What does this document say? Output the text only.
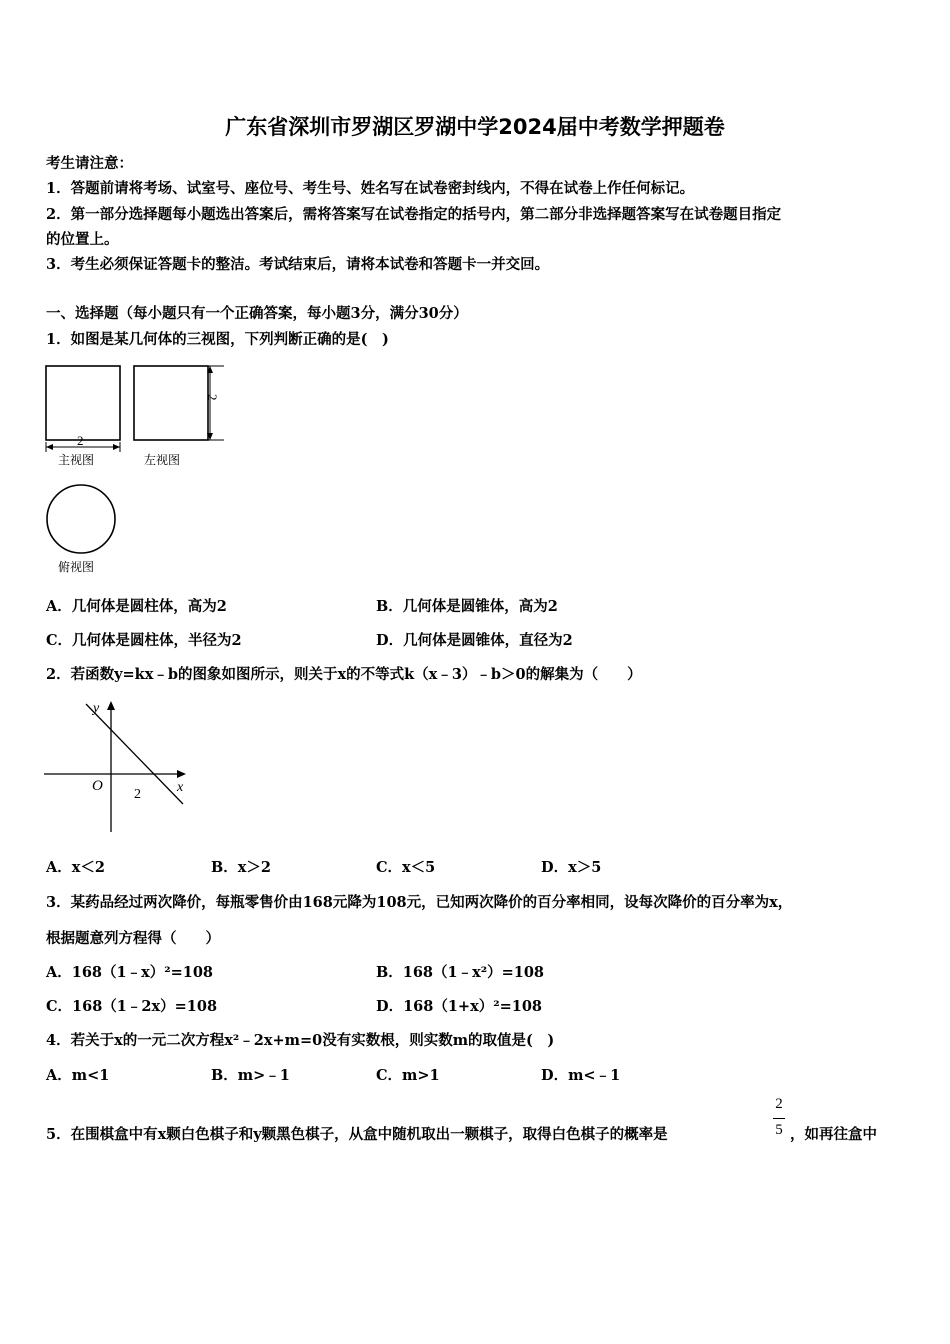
广东省深圳市罗湖区罗湖中学2024届中考数学押题卷
考生请注意：
1．答题前请将考场、试室号、座位号、考生号、姓名写在试卷密封线内，不得在试卷上作任何标记。
2．第一部分选择题每小题选出答案后，需将答案写在试卷指定的括号内，第二部分非选择题答案写在试卷题目指定
的位置上。
3．考生必须保证答题卡的整洁。考试结束后，请将本试卷和答题卡一并交回。
一、选择题（每小题只有一个正确答案，每小题3分，满分30分）
1．如图是某几何体的三视图，下列判断正确的是(　)
2
主视图
2
左视图
俯视图
A．几何体是圆柱体，高为2	B．几何体是圆锥体，高为2
C．几何体是圆柱体，半径为2	D．几何体是圆锥体，直径为2
2．若函数y=kx﹣b的图象如图所示，则关于x的不等式k（x﹣3）﹣b＞0的解集为（　　）
y
x
O
2
A．x＜2	B．x＞2	C．x＜5	D．x＞5
3．某药品经过两次降价，每瓶零售价由168元降为108元，已知两次降价的百分率相同，设每次降价的百分率为x，
根据题意列方程得（　　）
A．168（1﹣x）²=108	B．168（1﹣x²）=108
C．168（1﹣2x）=108	D．168（1+x）²=108
4．若关于x的一元二次方程x²﹣2x+m=0没有实数根，则实数m的取值是(　)
A．m<1	B．m>﹣1	C．m>1	D．m<﹣1
5．在围棋盒中有x颗白色棋子和y颗黑色棋子，从盒中随机取出一颗棋子，取得白色棋子的概率是
2
5 ，如再往盒中
